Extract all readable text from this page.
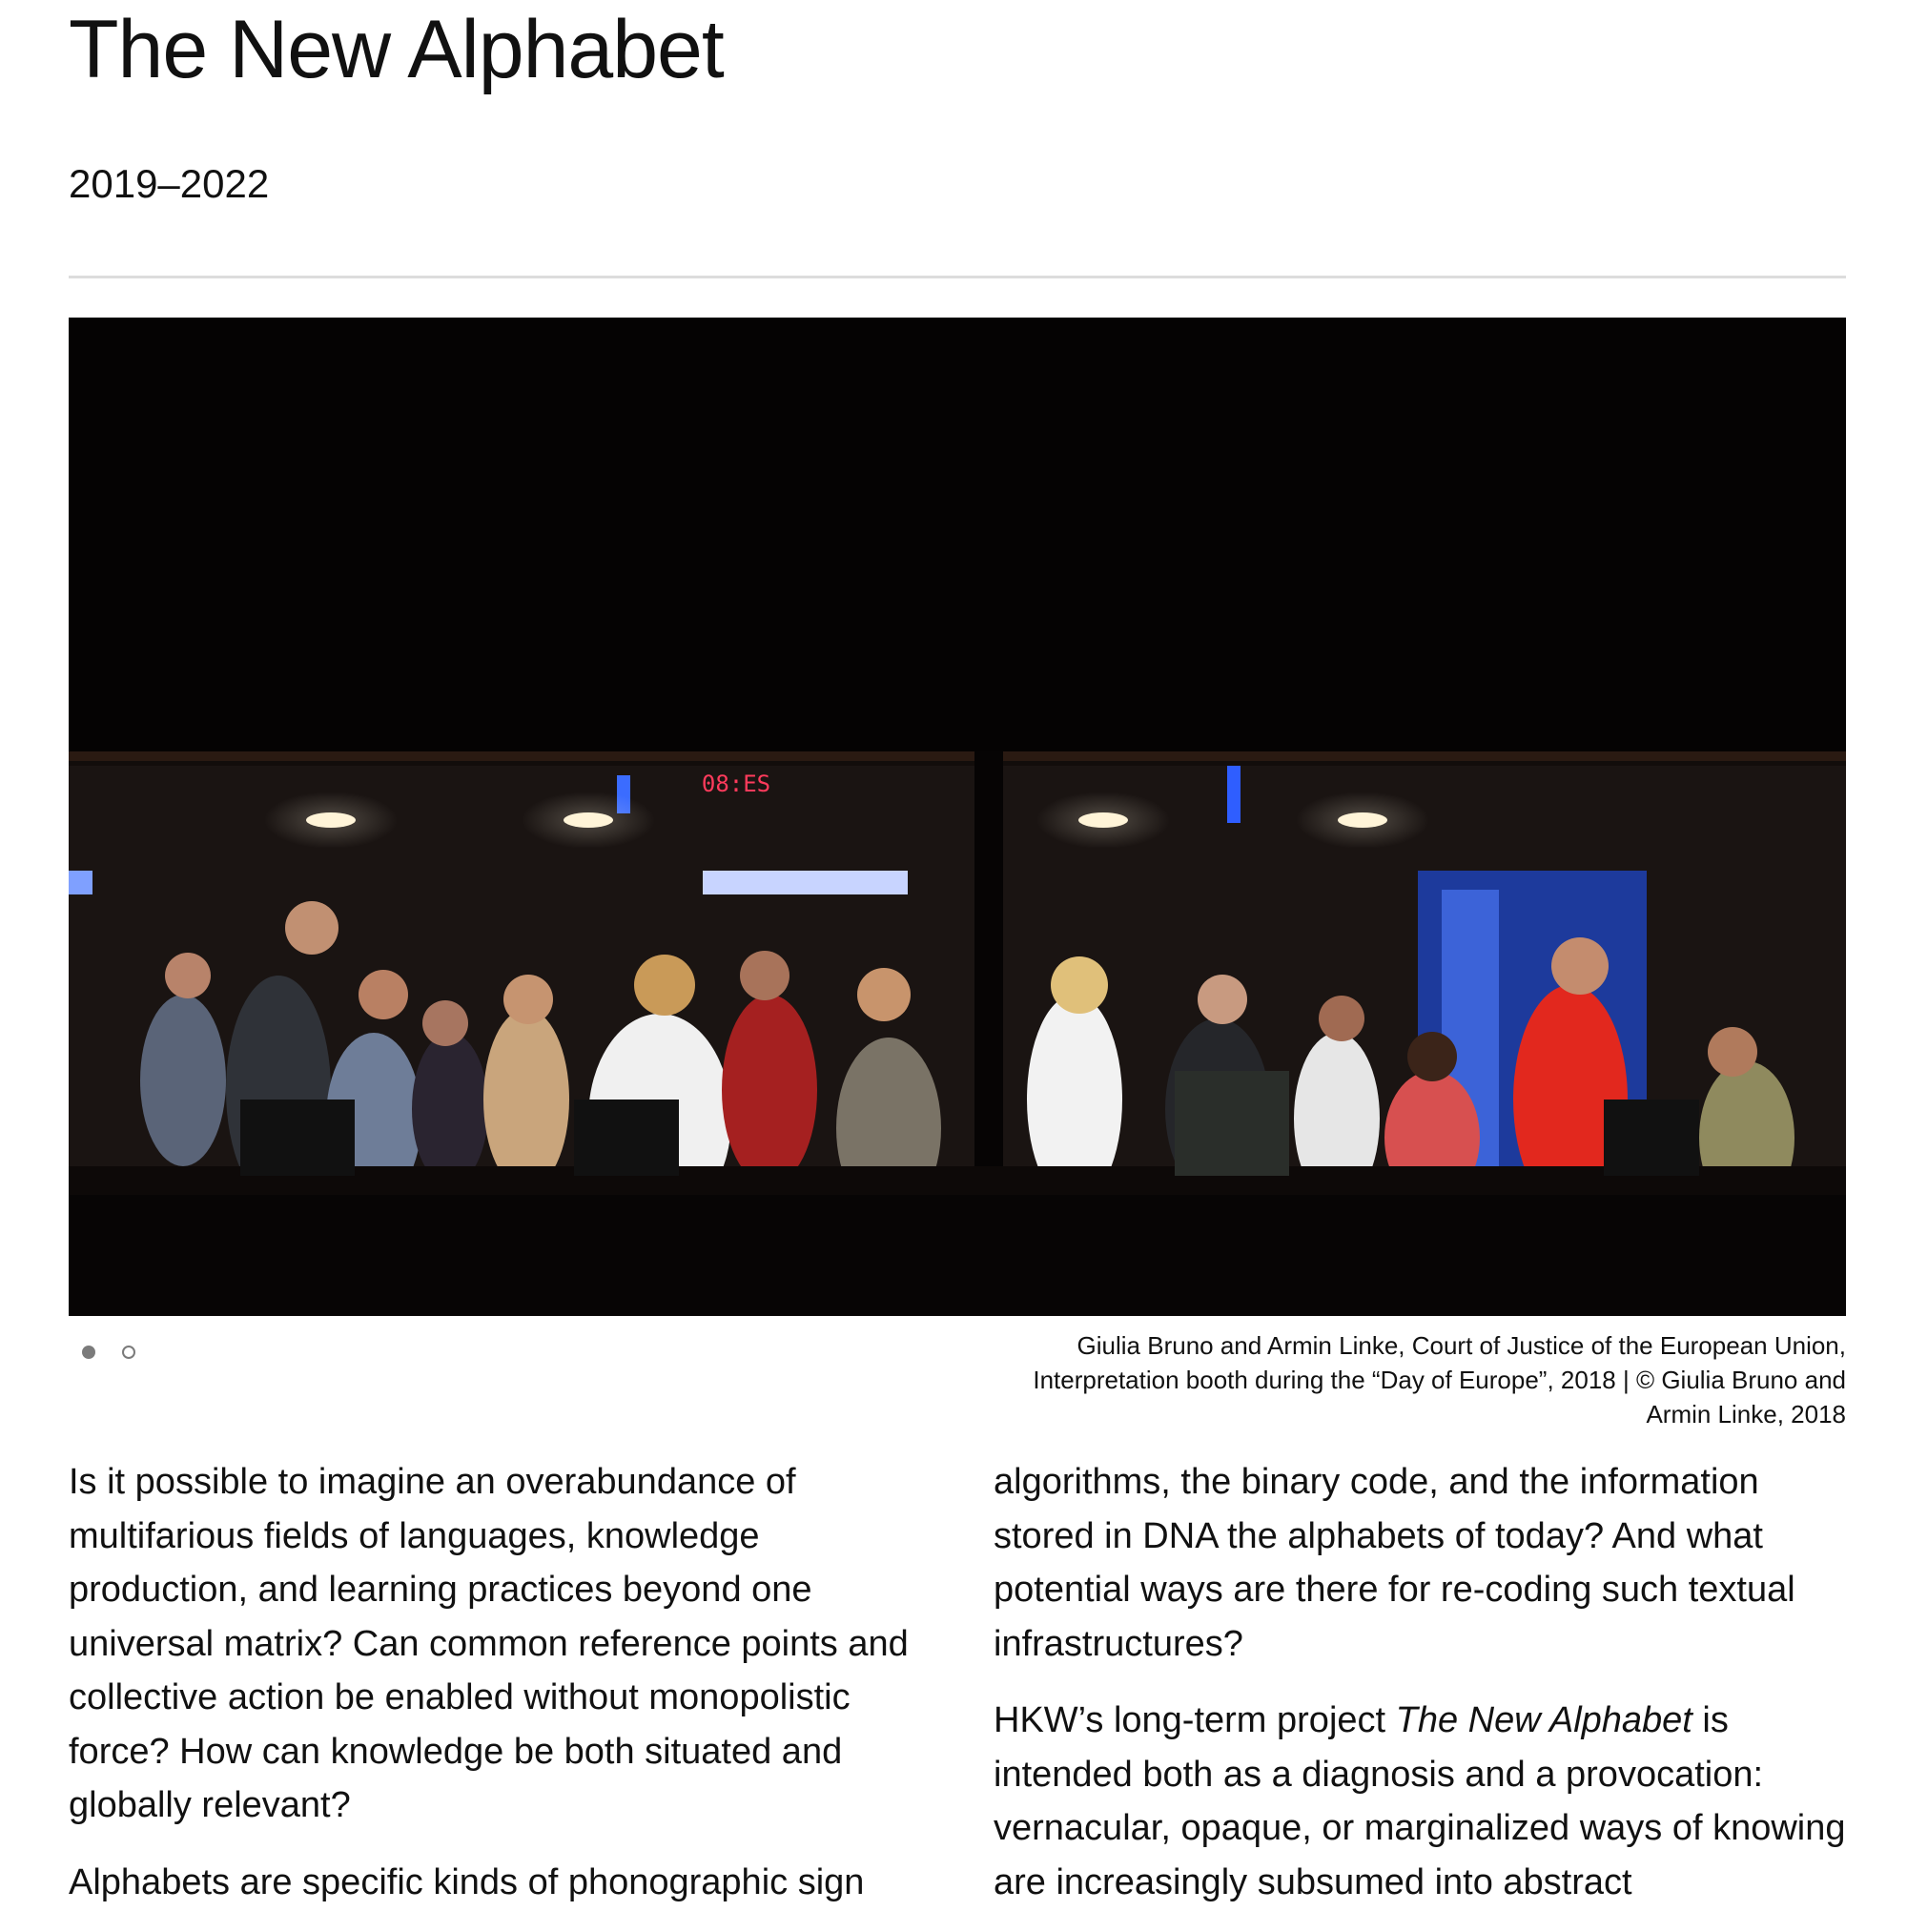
The New Alphabet
2019–2022
08:ES
Giulia Bruno and Armin Linke, Court of Justice of the European Union,
Interpretation booth during the “Day of Europe”, 2018 | © Giulia Bruno and
Armin Linke, 2018

Is it possible to imagine an overabundance of multifarious fields of languages, knowledge production, and learning practices beyond one universal matrix? Can common reference points and collective action be enabled without monopolistic force? How can knowledge be both situated and globally relevant?

Alphabets are specific kinds of phonographic sign

algorithms, the binary code, and the information stored in DNA the alphabets of today? And what potential ways are there for re-coding such textual infrastructures?

HKW’s long-term project The New Alphabet is intended both as a diagnosis and a provocation: vernacular, opaque, or marginalized ways of knowing are increasingly subsumed into abstract
